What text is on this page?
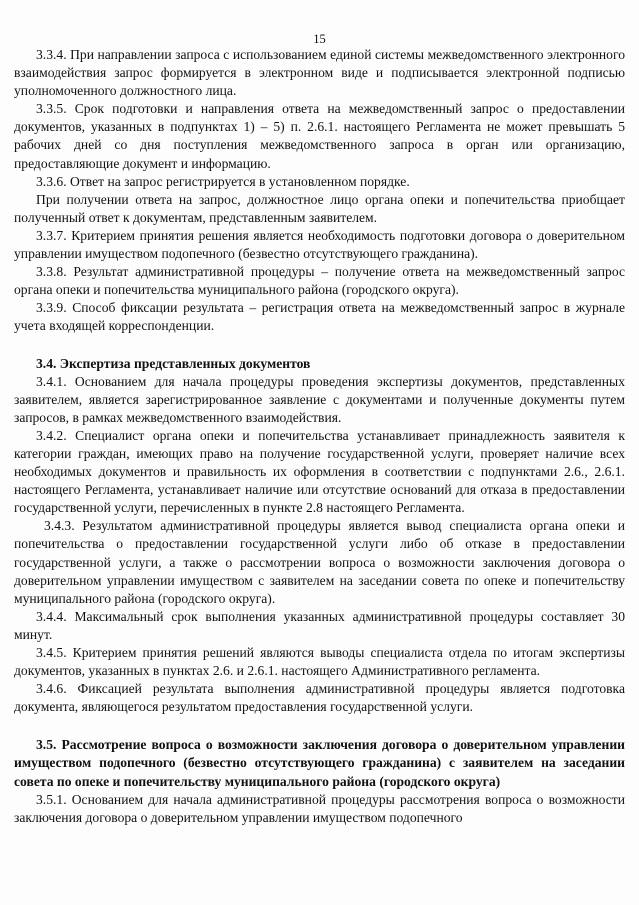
15

3.3.4. При направлении запроса с использованием единой системы межведомственного электронного взаимодействия запрос формируется в электронном виде и подписывается электронной подписью уполномоченного должностного лица.

3.3.5. Срок подготовки и направления ответа на межведомственный запрос о предоставлении документов, указанных в подпунктах 1) – 5) п. 2.6.1. настоящего Регламента не может превышать 5 рабочих дней со дня поступления межведомственного запроса в орган или организацию, предоставляющие документ и информацию.

3.3.6. Ответ на запрос регистрируется в установленном порядке.

При получении ответа на запрос, должностное лицо органа опеки и попечительства приобщает полученный ответ к документам, представленным заявителем.

3.3.7. Критерием принятия решения является необходимость подготовки договора о доверительном управлении имуществом подопечного (безвестно отсутствующего гражданина).

3.3.8. Результат административной процедуры – получение ответа на межведомственный запрос органа опеки и попечительства муниципального района (городского округа).

3.3.9. Способ фиксации результата – регистрация ответа на межведомственный запрос в журнале учета входящей корреспонденции.

3.4. Экспертиза представленных документов

3.4.1. Основанием для начала процедуры проведения экспертизы документов, представленных заявителем, является зарегистрированное заявление с документами и полученные документы путем запросов, в рамках межведомственного взаимодействия.

3.4.2. Специалист органа опеки и попечительства устанавливает принадлежность заявителя к категории граждан, имеющих право на получение государственной услуги, проверяет наличие всех необходимых документов и правильность их оформления в соответствии с подпунктами 2.6., 2.6.1. настоящего Регламента, устанавливает наличие или отсутствие оснований для отказа в предоставлении государственной услуги, перечисленных в пункте 2.8 настоящего Регламента.

3.4.3. Результатом административной процедуры является вывод специалиста органа опеки и попечительства о предоставлении государственной услуги либо об отказе в предоставлении государственной услуги, а также о рассмотрении вопроса о возможности заключения договора о доверительном управлении имуществом с заявителем на заседании совета по опеке и попечительству муниципального района (городского округа).

3.4.4. Максимальный срок выполнения указанных административной процедуры составляет 30 минут.

3.4.5. Критерием принятия решений являются выводы специалиста отдела по итогам экспертизы документов, указанных в пунктах 2.6. и 2.6.1. настоящего Административного регламента.

3.4.6. Фиксацией результата выполнения административной процедуры является подготовка документа, являющегося результатом предоставления государственной услуги.

3.5. Рассмотрение вопроса о возможности заключения договора о доверительном управлении имуществом подопечного (безвестно отсутствующего гражданина) с заявителем на заседании совета по опеке и попечительству муниципального района (городского округа)

3.5.1. Основанием для начала административной процедуры рассмотрения вопроса о возможности заключения договора о доверительном управлении имуществом подопечного
